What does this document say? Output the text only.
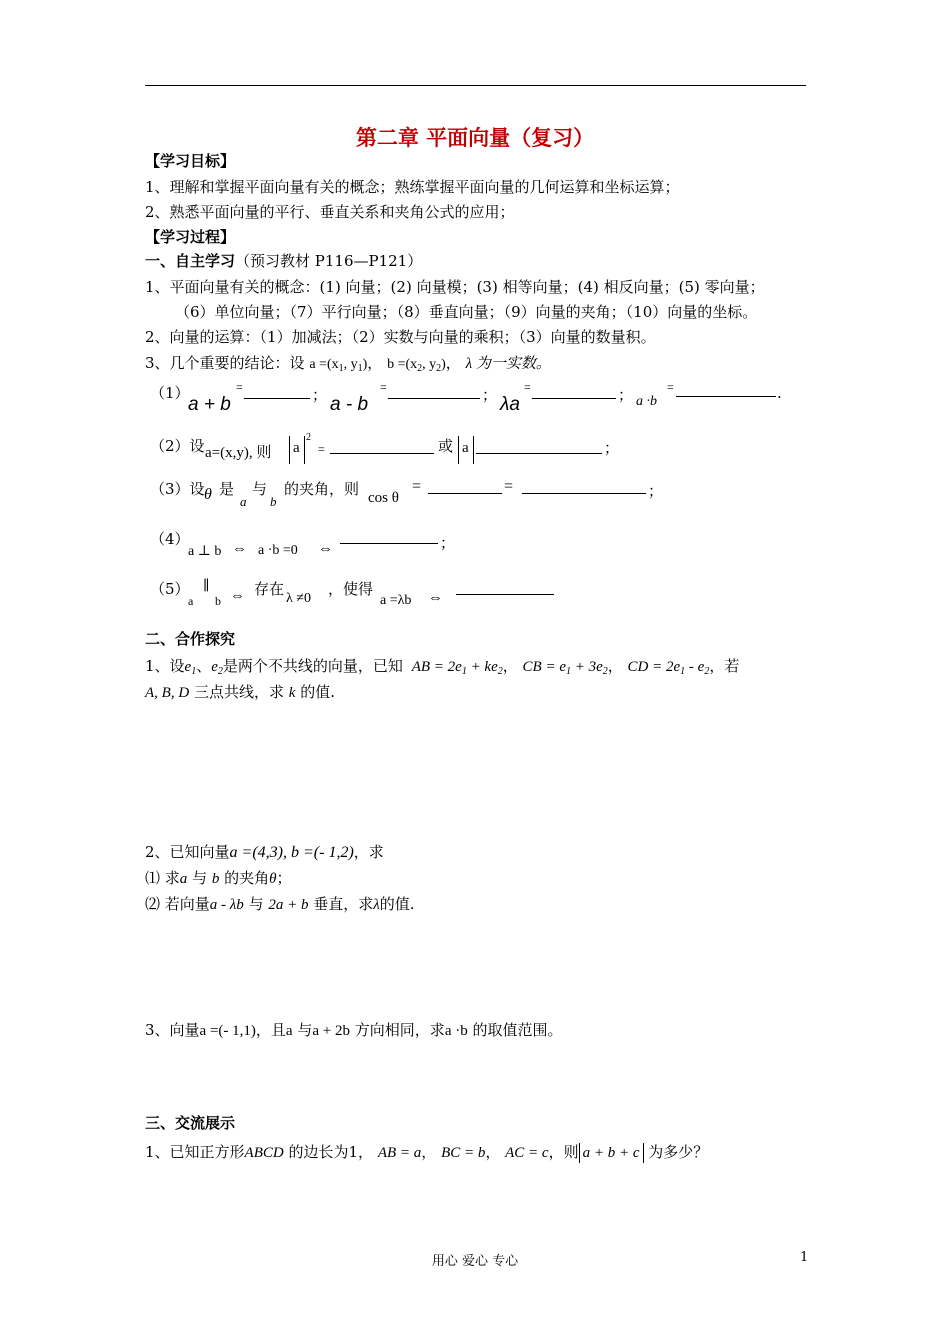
第二章 平面向量（复习）
【学习目标】
1、理解和掌握平面向量有关的概念；熟练掌握平面向量的几何运算和坐标运算；
2、熟悉平面向量的平行、垂直关系和夹角公式的应用；
【学习过程】
一、自主学习（预习教材 P116—P121）
1、平面向量有关的概念：(1) 向量；(2) 向量模；(3) 相等向量；(4) 相反向量；(5) 零向量；
（6）单位向量；（7）平行向量；（8）垂直向量；（9）向量的夹角；（10）向量的坐标。
2、向量的运算：（1）加减法；（2）实数与向量的乘积；（3）向量的数量积。
3、几个重要的结论：设 $a =(x_1$, $y_1$)， $b =(x_2$, $y_2$)， λ 为一实数。
（1）
a + b
=	； a - b
=	； λa
=	； a ·b
=	.
（2）设 a=(x,y), 则 a
2
=	或 a	；
（3）设 θ 是
a
与
b
的夹角，则 cos θ
=	=	；
（4）
a ⊥ b ⇔ a ·b =0 ⇔	；
（5）
a
∥
b ⇔ 存在
λ ≠0
，使得
a =λb ⇔
二、合作探究
1、设$e_1$、$e_2$是两个不共线的向量，已知 AB = $2e_1 + ke_2$， CB = $e_1 + 3e_2$， CD = $2e_1 - e_2$，若
A, B, D 三点共线，求 k 的值.
2、已知向量a =(4,3), b =(- 1,2)，求
⑴ 求a 与 b 的夹角θ；
⑵ 若向量a - λb 与 2a + b 垂直，求λ的值.
3、向量a =(- 1,1)，且a 与a + 2b 方向相同，求a ·b 的取值范围。
三、交流展示
1、已知正方形ABCD 的边长为1， AB = a， BC = b， AC = c，则 a + b + c 为多少？
用心 爱心 专心	1
